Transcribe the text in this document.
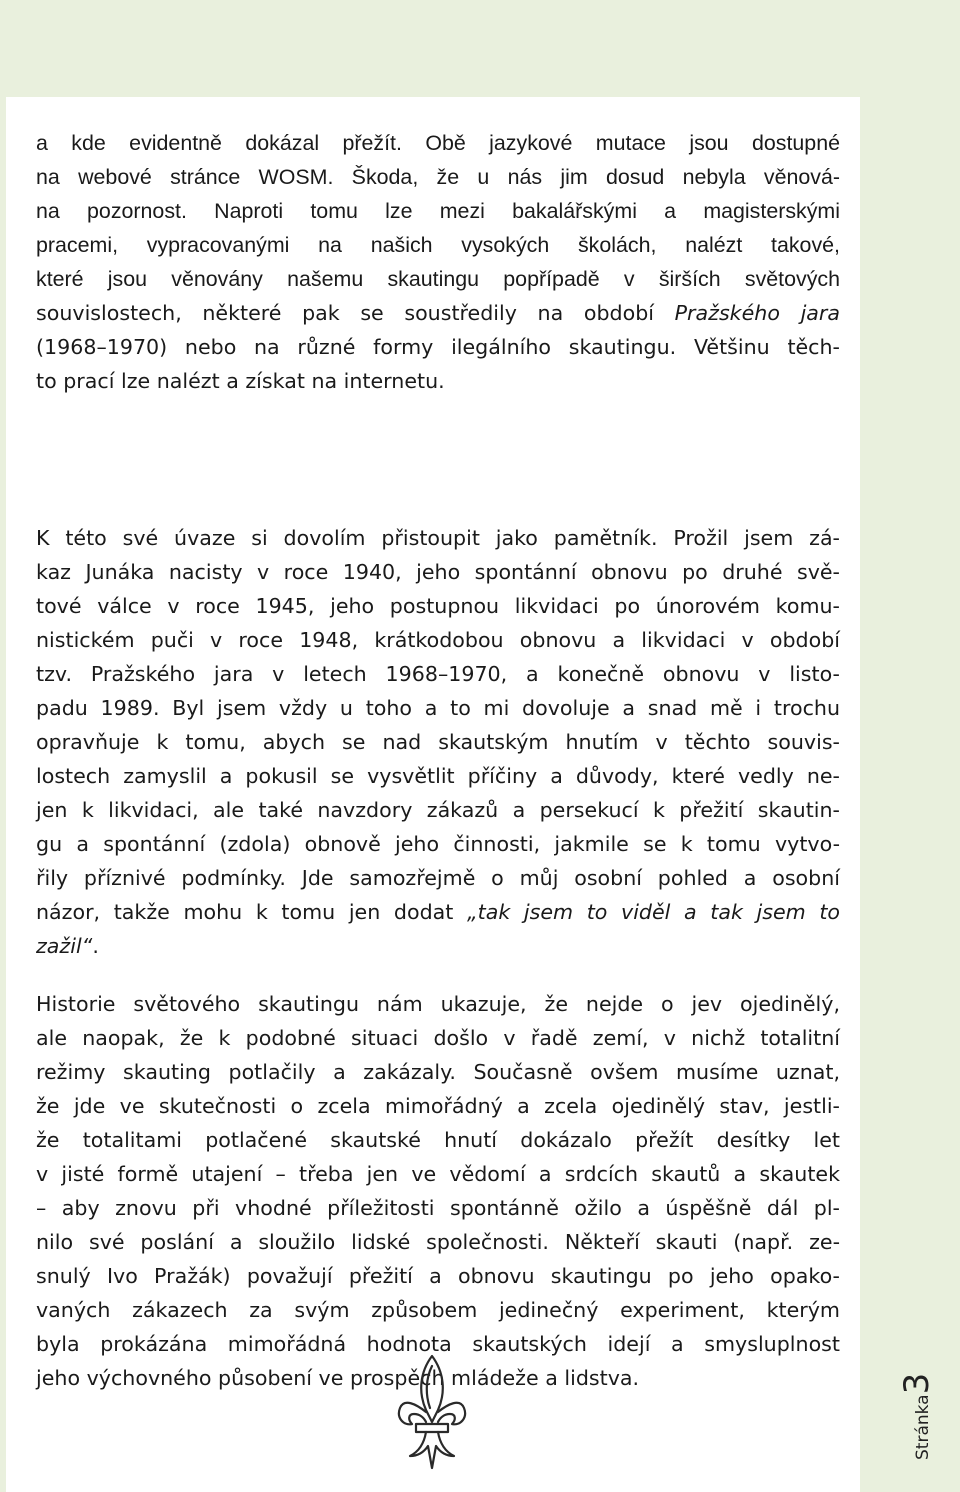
a kde evidentně dokázal přežít. Obě jazykové mutace jsou dostupné
na webové stránce WOSM. Škoda, že u nás jim dosud nebyla věnová-
na pozornost. Naproti tomu lze mezi bakalářskými a magisterskými
pracemi, vypracovanými na našich vysokých školách, nalézt takové,
které jsou věnovány našemu skautingu popřípadě v širších světových
souvislostech, některé pak se soustředily na období Pražského jara
(1968–1970) nebo na různé formy ilegálního skautingu. Většinu těch-
to prací lze nalézt a získat na internetu.
K této své úvaze si dovolím přistoupit jako pamětník. Prožil jsem zá-
kaz Junáka nacisty v roce 1940, jeho spontánní obnovu po druhé svě-
tové válce v roce 1945, jeho postupnou likvidaci po únorovém komu-
nistickém puči v roce 1948, krátkodobou obnovu a likvidaci v období
tzv. Pražského jara v letech 1968–1970, a konečně obnovu v listo-
padu 1989. Byl jsem vždy u toho a to mi dovoluje a snad mě i trochu
opravňuje k tomu, abych se nad skautským hnutím v těchto souvis-
lostech zamyslil a pokusil se vysvětlit příčiny a důvody, které vedly ne-
jen k likvidaci, ale také navzdory zákazů a persekucí k přežití skautin-
gu a spontánní (zdola) obnově jeho činnosti, jakmile se k tomu vytvo-
řily příznivé podmínky. Jde samozřejmě o můj osobní pohled a osobní
názor, takže mohu k tomu jen dodat „tak jsem to viděl a tak jsem to
zažil“.
Historie světového skautingu nám ukazuje, že nejde o jev ojedinělý,
ale naopak, že k podobné situaci došlo v řadě zemí, v nichž totalitní
režimy skauting potlačily a zakázaly. Současně ovšem musíme uznat,
že jde ve skutečnosti o zcela mimořádný a zcela ojedinělý stav, jestli-
že totalitami potlačené skautské hnutí dokázalo přežít desítky let
v jisté formě utajení – třeba jen ve vědomí a srdcích skautů a skautek
– aby znovu při vhodné příležitosti spontánně ožilo a úspěšně dál pl-
nilo své poslání a sloužilo lidské společnosti. Někteří skauti (např. ze-
snulý Ivo Pražák) považují přežití a obnovu skautingu po jeho opako-
vaných zákazech za svým způsobem jedinečný experiment, kterým
byla prokázána mimořádná hodnota skautských idejí a smysluplnost
jeho výchovného působení ve prospěch mládeže a lidstva.
Stránka3
